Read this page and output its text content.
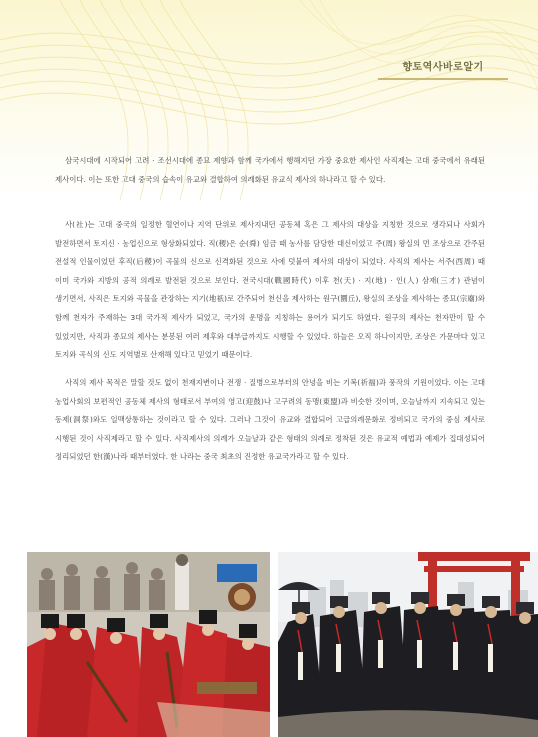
향토역사바로알기

삼국시대에 시작되어 고려 · 조선시대에 종묘 제향과 함께 국가에서 행해지던 가장 중요한 제사인 사직제는 고대 중국에서 유래된 제사이다. 이는 또한 고대 중국의 습속이 유교와 결합하여 의례화된 유교식 제사의 하나라고 할 수 있다.

사(社)는 고대 중국의 일정한 혈연이나 지역 단위로 제사지내던 공동체 혹은 그 제사의 대상을 지칭한 것으로 생각되나 사회가 발전하면서 토지신 · 농업신으로 형상화되었다. 직(稷)은 순(舜) 임금 때 농사를 담당한 대신이었고 주(周) 왕실의 먼 조상으로 간주된 전설적 인물이었던 후직(后稷)이 곡물의 신으로 신격화된 것으로 사에 덧붙여 제사의 대상이 되었다. 사직의 제사는 서주(西周) 때 이미 국가와 지방의 공적 의례로 발전된 것으로 보인다. 전국시대(戰國時代) 이후 천(天) · 지(地) · 인(人) 삼재(三才) 관념이 생기면서, 사직은 토지와 곡물을 관장하는 지기(地祇)로 간주되어 천신을 제사하는 원구(圜丘), 왕실의 조상을 제사하는 종묘(宗廟)와 함께 천자가 주재하는 3대 국가적 제사가 되었고, 국가의 운명을 지칭하는 용어가 되기도 하였다. 원구의 제사는 천자만이 할 수 있었지만, 사직과 종묘의 제사는 분봉된 여러 제후와 대부급까지도 시행할 수 있었다. 하늘은 오직 하나이지만, 조상은 가문마다 있고 토지와 곡식의 신도 지역별로 산재해 있다고 믿었기 때문이다.

사직의 제사 목적은 말할 것도 없이 천재지변이나 전쟁 · 질병으로부터의 안녕을 비는 기복(祈福)과 풍작의 기원이었다. 이는 고대 농업사회의 보편적인 공동체 제사의 형태로서 부여의 영고(迎鼓)나 고구려의 동맹(東盟)과 비슷한 것이며, 오늘날까지 지속되고 있는 동제(洞祭)와도 일맥상통하는 것이라고 할 수 있다. 그러나 그것이 유교와 결합되어 고급의례문화로 정비되고 국가의 중심 제사로 시행된 것이 사직제라고 할 수 있다. 사직제사의 의례가 오늘날과 같은 형태의 의례로 정착된 것은 유교적 예법과 예제가 집대성되어 정리되었던 한(漢)나라 때부터였다. 한 나라는 중국 최초의 진정한 유교국가라고 할 수 있다.
